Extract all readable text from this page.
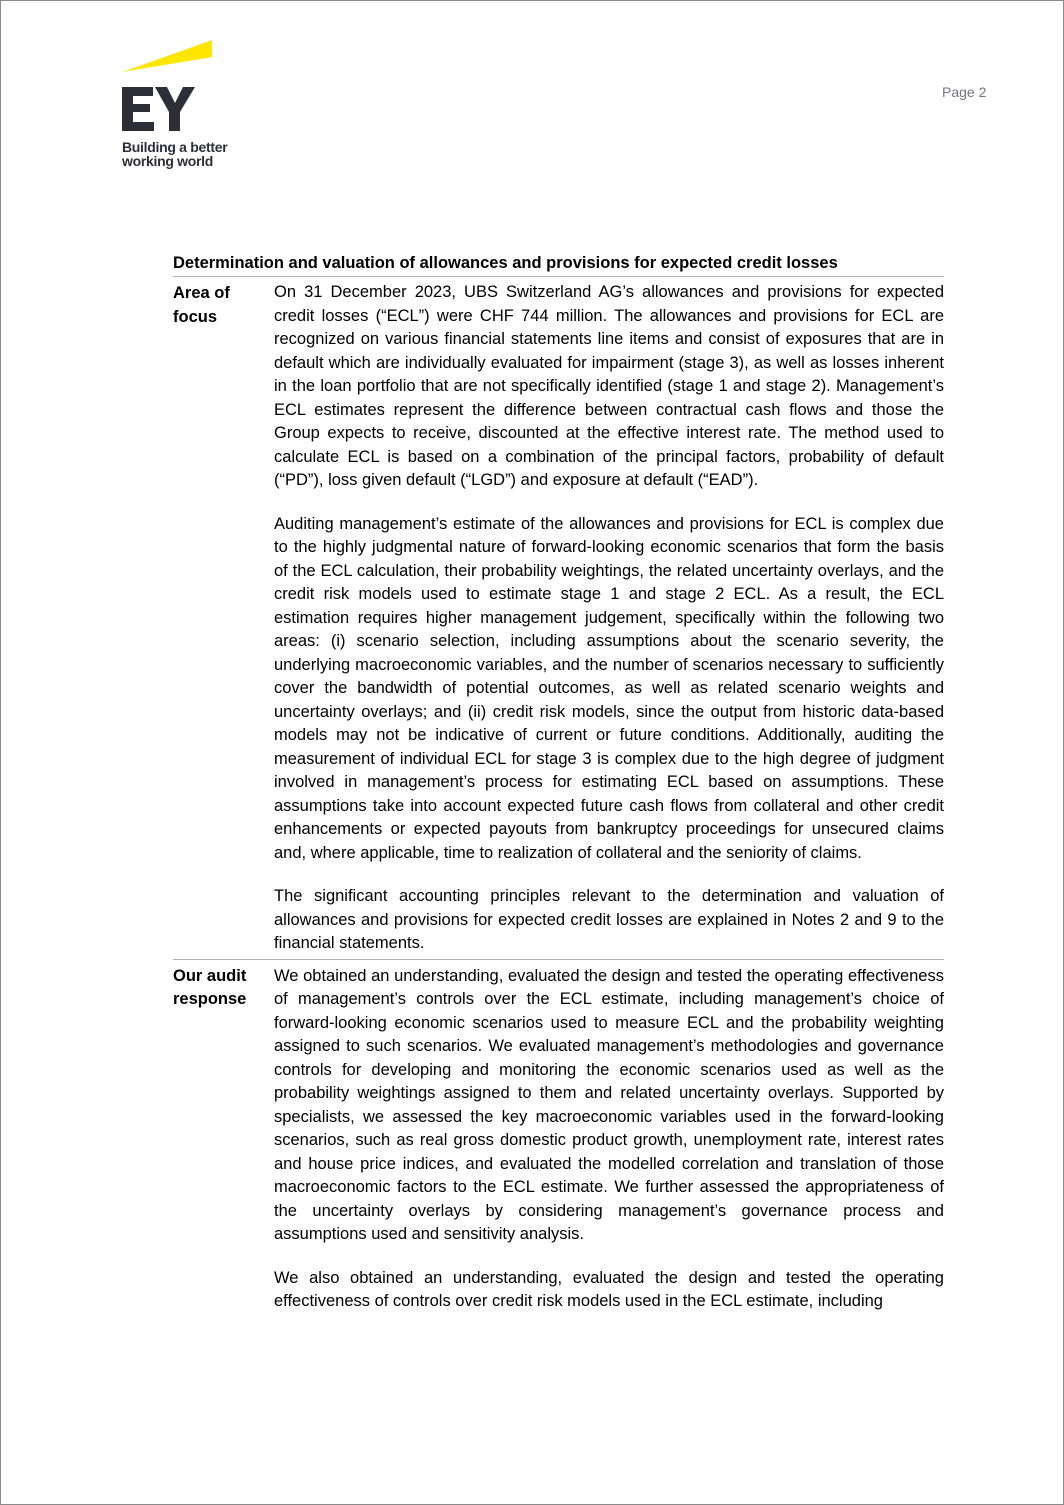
Building a better
working world
Page 2
Determination and valuation of allowances and provisions for expected credit losses
Area of focus

On 31 December 2023, UBS Switzerland AG’s allowances and provisions for expected credit losses (“ECL”) were CHF 744 million. The allowances and provisions for ECL are recognized on various financial statements line items and consist of exposures that are in default which are individually evaluated for impairment (stage 3), as well as losses inherent in the loan portfolio that are not specifically identified (stage 1 and stage 2). Management’s ECL estimates represent the difference between contractual cash flows and those the Group expects to receive, discounted at the effective interest rate. The method used to calculate ECL is based on a combination of the principal factors, probability of default (“PD”), loss given default (“LGD”) and exposure at default (“EAD”).

Auditing management’s estimate of the allowances and provisions for ECL is complex due to the highly judgmental nature of forward-looking economic scenarios that form the basis of the ECL calculation, their probability weightings, the related uncertainty overlays, and the credit risk models used to estimate stage 1 and stage 2 ECL. As a result, the ECL estimation requires higher management judgement, specifically within the following two areas: (i) scenario selection, including assumptions about the scenario severity, the underlying macroeconomic variables, and the number of scenarios necessary to sufficiently cover the bandwidth of potential outcomes, as well as related scenario weights and uncertainty overlays; and (ii) credit risk models, since the output from historic data-based models may not be indicative of current or future conditions. Additionally, auditing the measurement of individual ECL for stage 3 is complex due to the high degree of judgment involved in management’s process for estimating ECL based on assumptions. These assumptions take into account expected future cash flows from collateral and other credit enhancements or expected payouts from bankruptcy proceedings for unsecured claims and, where applicable, time to realization of collateral and the seniority of claims.

The significant accounting principles relevant to the determination and valuation of allowances and provisions for expected credit losses are explained in Notes 2 and 9 to the financial statements.

Our audit response

We obtained an understanding, evaluated the design and tested the operating effectiveness of management’s controls over the ECL estimate, including management’s choice of forward-looking economic scenarios used to measure ECL and the probability weighting assigned to such scenarios. We evaluated management’s methodologies and governance controls for developing and monitoring the economic scenarios used as well as the probability weightings assigned to them and related uncertainty overlays. Supported by specialists, we assessed the key macroeconomic variables used in the forward-looking scenarios, such as real gross domestic product growth, unemployment rate, interest rates and house price indices, and evaluated the modelled correlation and translation of those macroeconomic factors to the ECL estimate. We further assessed the appropriateness of the uncertainty overlays by considering management’s governance process and assumptions used and sensitivity analysis.

We also obtained an understanding, evaluated the design and tested the operating effectiveness of controls over credit risk models used in the ECL estimate, including
